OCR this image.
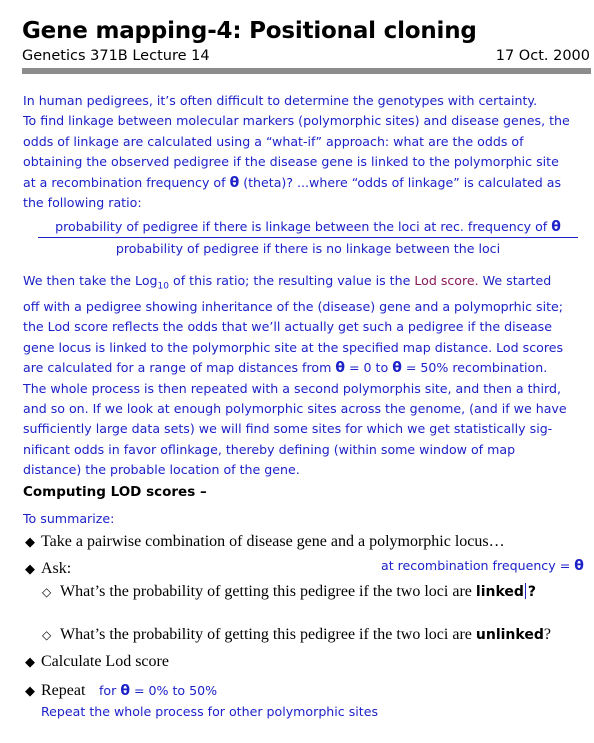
Gene mapping-4: Positional cloning
Genetics 371B Lecture 14	17 Oct. 2000
In human pedigrees, it’s often difficult to determine the genotypes with certainty.
To find linkage between molecular markers (polymorphic sites) and disease genes, the
odds of linkage are calculated using a “what-if” approach: what are the odds of
obtaining the observed pedigree if the disease gene is linked to the polymorphic site
at a recombination frequency of θ (theta)? ...where “odds of linkage” is calculated as
the following ratio:
probability of pedigree if there is linkage between the loci at rec. frequency of θ
probability of pedigree if there is no linkage between the loci
We then take the Log$_{10}$ of this ratio; the resulting value is the Lod score. We started
off with a pedigree showing inheritance of the (disease) gene and a polymoprhic site;
the Lod score reflects the odds that we’ll actually get such a pedigree if the disease
gene locus is linked to the polymorphic site at the specified map distance. Lod scores
are calculated for a range of map distances from θ = 0 to θ = 50% recombination.
The whole process is then repeated with a second polymorphis site, and then a third,
and so on. If we look at enough polymorphic sites across the genome, (and if we have
sufficiently large data sets) we will find some sites for which we get statistically sig-
nificant odds in favor oflinkage, thereby defining (within some window of map
distance) the probable location of the gene.
Computing LOD scores –
To summarize:
◆ Take a pairwise combination of disease gene and a polymorphic locus…
◆ Ask:	at recombination frequency = θ
◇ What’s the probability of getting this pedigree if the two loci are linked ?
◇ What’s the probability of getting this pedigree if the two loci are unlinked?
◆ Calculate Lod score
◆ Repeat for θ = 0% to 50%
Repeat the whole process for other polymorphic sites
